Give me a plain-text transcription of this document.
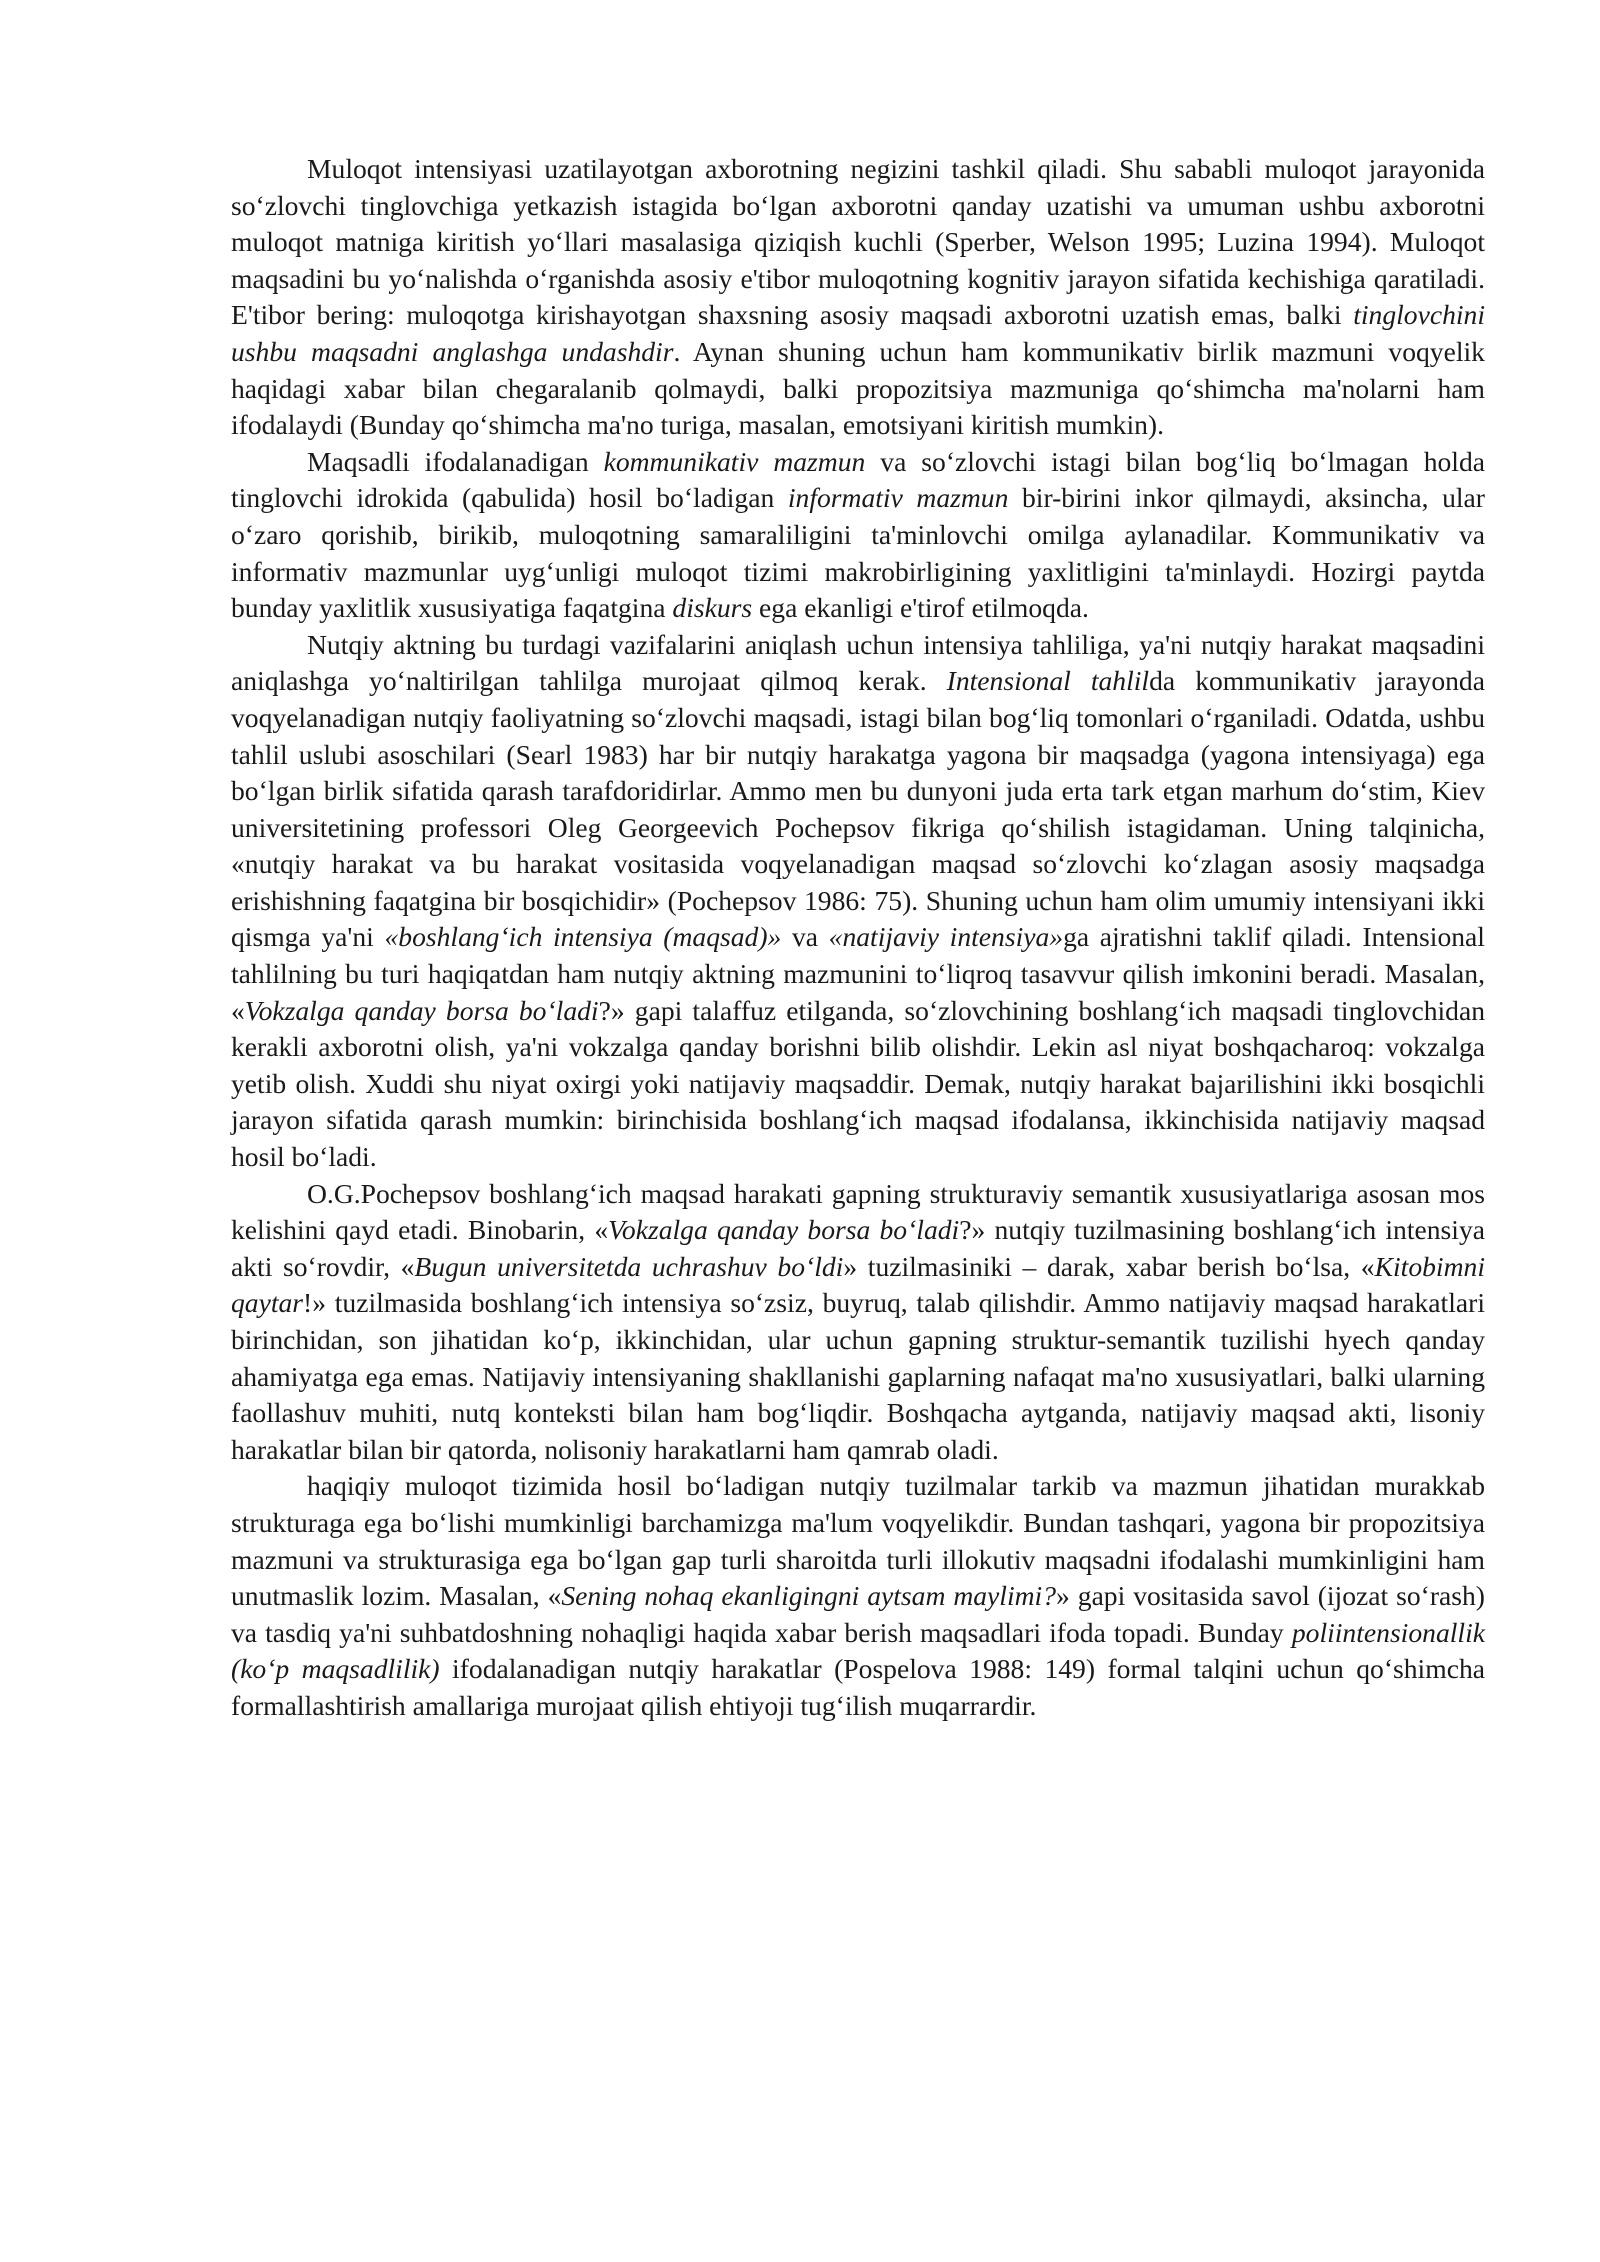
Muloqot intensiyasi uzatilayotgan axborotning negizini tashkil qiladi. Shu sababli muloqot jarayonida so‘zlovchi tinglovchiga yetkazish istagida bo‘lgan axborotni qanday uzatishi va umuman ushbu axborotni muloqot matniga kiritish yo‘llari masalasiga qiziqish kuchli (Sperber, Welson 1995; Luzina 1994). Muloqot maqsadini bu yo‘nalishda o‘rganishda asosiy e'tibor muloqotning kognitiv jarayon sifatida kechishiga qaratiladi. E'tibor bering: muloqotga kirishayotgan shaxsning asosiy maqsadi axborotni uzatish emas, balki tinglovchini ushbu maqsadni anglashga undashdir. Aynan shuning uchun ham kommunikativ birlik mazmuni voqyelik haqidagi xabar bilan chegaralanib qolmaydi, balki propozitsiya mazmuniga qo‘shimcha ma'nolarni ham ifodalaydi (Bunday qo‘shimcha ma'no turiga, masalan, emotsiyani kiritish mumkin).

Maqsadli ifodalanadigan kommunikativ mazmun va so‘zlovchi istagi bilan bog‘liq bo‘lmagan holda tinglovchi idrokida (qabulida) hosil bo‘ladigan informativ mazmun bir-birini inkor qilmaydi, aksincha, ular o‘zaro qorishib, birikib, muloqotning samaraliligini ta'minlovchi omilga aylanadilar. Kommunikativ va informativ mazmunlar uyg‘unligi muloqot tizimi makrobirligining yaxlitligini ta'minlaydi. Hozirgi paytda bunday yaxlitlik xususiyatiga faqatgina diskurs ega ekanligi e'tirof etilmoqda.

Nutqiy aktning bu turdagi vazifalarini aniqlash uchun intensiya tahliliga, ya'ni nutqiy harakat maqsadini aniqlashga yo‘naltirilgan tahlilga murojaat qilmoq kerak. Intensional tahlilda kommunikativ jarayonda voqyelanadigan nutqiy faoliyatning so‘zlovchi maqsadi, istagi bilan bog‘liq tomonlari o‘rganiladi. Odatda, ushbu tahlil uslubi asoschilari (Searl 1983) har bir nutqiy harakatga yagona bir maqsadga (yagona intensiyaga) ega bo‘lgan birlik sifatida qarash tarafdoridirlar. Ammo men bu dunyoni juda erta tark etgan marhum do‘stim, Kiev universitetining professori Oleg Georgeevich Pochepsov fikriga qo‘shilish istagidaman. Uning talqinicha, «nutqiy harakat va bu harakat vositasida voqyelanadigan maqsad so‘zlovchi ko‘zlagan asosiy maqsadga erishishning faqatgina bir bosqichidir» (Pochepsov 1986: 75). Shuning uchun ham olim umumiy intensiyani ikki qismga ya'ni «boshlang‘ich intensiya (maqsad)» va «natijaviy intensiya»ga ajratishni taklif qiladi. Intensional tahlilning bu turi haqiqatdan ham nutqiy aktning mazmunini to‘liqroq tasavvur qilish imkonini beradi. Masalan, «Vokzalga qanday borsa bo‘ladi?» gapi talaffuz etilganda, so‘zlovchining boshlang‘ich maqsadi tinglovchidan kerakli axborotni olish, ya'ni vokzalga qanday borishni bilib olishdir. Lekin asl niyat boshqacharoq: vokzalga yetib olish. Xuddi shu niyat oxirgi yoki natijaviy maqsaddir. Demak, nutqiy harakat bajarilishini ikki bosqichli jarayon sifatida qarash mumkin: birinchisida boshlang‘ich maqsad ifodalansa, ikkinchisida natijaviy maqsad hosil bo‘ladi.

O.G.Pochepsov boshlang‘ich maqsad harakati gapning strukturaviy semantik xususiyatlariga asosan mos kelishini qayd etadi. Binobarin, «Vokzalga qanday borsa bo‘ladi?» nutqiy tuzilmasining boshlang‘ich intensiya akti so‘rovdir, «Bugun universitetda uchrashuv bo‘ldi» tuzilmasiniki – darak, xabar berish bo‘lsa, «Kitobimni qaytar!» tuzilmasida boshlang‘ich intensiya so‘zsiz, buyruq, talab qilishdir. Ammo natijaviy maqsad harakatlari birinchidan, son jihatidan ko‘p, ikkinchidan, ular uchun gapning struktur-semantik tuzilishi hyech qanday ahamiyatga ega emas. Natijaviy intensiyaning shakllanishi gaplarning nafaqat ma'no xususiyatlari, balki ularning faollashuv muhiti, nutq konteksti bilan ham bog‘liqdir. Boshqacha aytganda, natijaviy maqsad akti, lisoniy harakatlar bilan bir qatorda, nolisoniy harakatlarni ham qamrab oladi.

haqiqiy muloqot tizimida hosil bo‘ladigan nutqiy tuzilmalar tarkib va mazmun jihatidan murakkab strukturaga ega bo‘lishi mumkinligi barchamizga ma'lum voqyelikdir. Bundan tashqari, yagona bir propozitsiya mazmuni va strukturasiga ega bo‘lgan gap turli sharoitda turli illokutiv maqsadni ifodalashi mumkinligini ham unutmaslik lozim. Masalan, «Sening nohaq ekanligingni aytsam maylimi?» gapi vositasida savol (ijozat so‘rash) va tasdiq ya'ni suhbatdoshning nohaqligi haqida xabar berish maqsadlari ifoda topadi. Bunday poliintensionallik (ko‘p maqsadlilik) ifodalanadigan nutqiy harakatlar (Pospelova 1988: 149) formal talqini uchun qo‘shimcha formallashtirish amallariga murojaat qilish ehtiyoji tug‘ilish muqarrardir.
